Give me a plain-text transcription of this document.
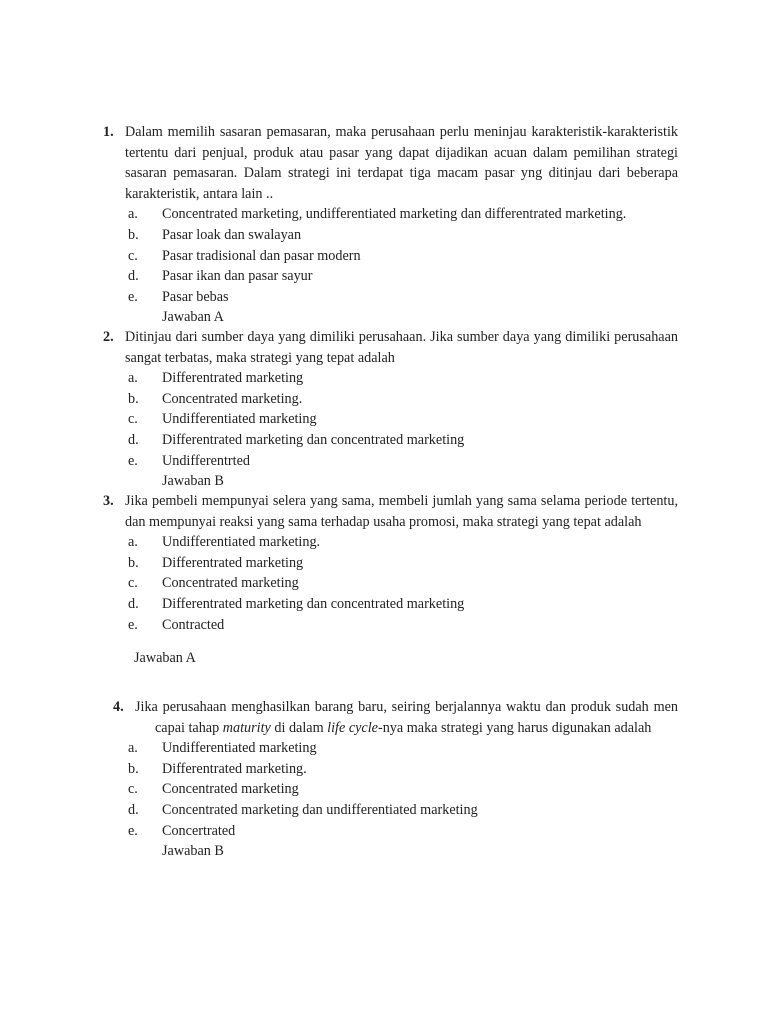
1. Dalam memilih sasaran pemasaran, maka perusahaan perlu meninjau karakteristik-karakteristik tertentu dari penjual, produk atau pasar yang dapat dijadikan acuan dalam pemilihan strategi sasaran pemasaran. Dalam strategi ini terdapat tiga macam pasar yng ditinjau dari beberapa karakteristik, antara lain ..
a. Concentrated marketing, undifferentiated marketing dan differentrated marketing.
b. Pasar loak dan swalayan
c. Pasar tradisional dan pasar modern
d. Pasar ikan dan pasar sayur
e. Pasar bebas
Jawaban A
2. Ditinjau dari sumber daya yang dimiliki perusahaan. Jika sumber daya yang dimiliki perusahaan sangat terbatas, maka strategi yang tepat adalah
a. Differentrated marketing
b. Concentrated marketing.
c. Undifferentiated marketing
d. Differentrated marketing dan concentrated marketing
e. Undifferentrted
Jawaban B
3. Jika pembeli mempunyai selera yang sama, membeli jumlah yang sama selama periode tertentu, dan mempunyai reaksi yang sama terhadap usaha promosi, maka strategi yang tepat adalah
a. Undifferentiated marketing.
b. Differentrated marketing
c. Concentrated marketing
d. Differentrated marketing dan concentrated marketing
e. Contracted
Jawaban A
4. Jika perusahaan menghasilkan barang baru, seiring berjalannya waktu dan produk sudah mencapai tahap maturity di dalam life cycle-nya maka strategi yang harus digunakan adalah
a. Undifferentiated marketing
b. Differentrated marketing.
c. Concentrated marketing
d. Concentrated marketing dan undifferentiated marketing
e. Concertrated
Jawaban B
